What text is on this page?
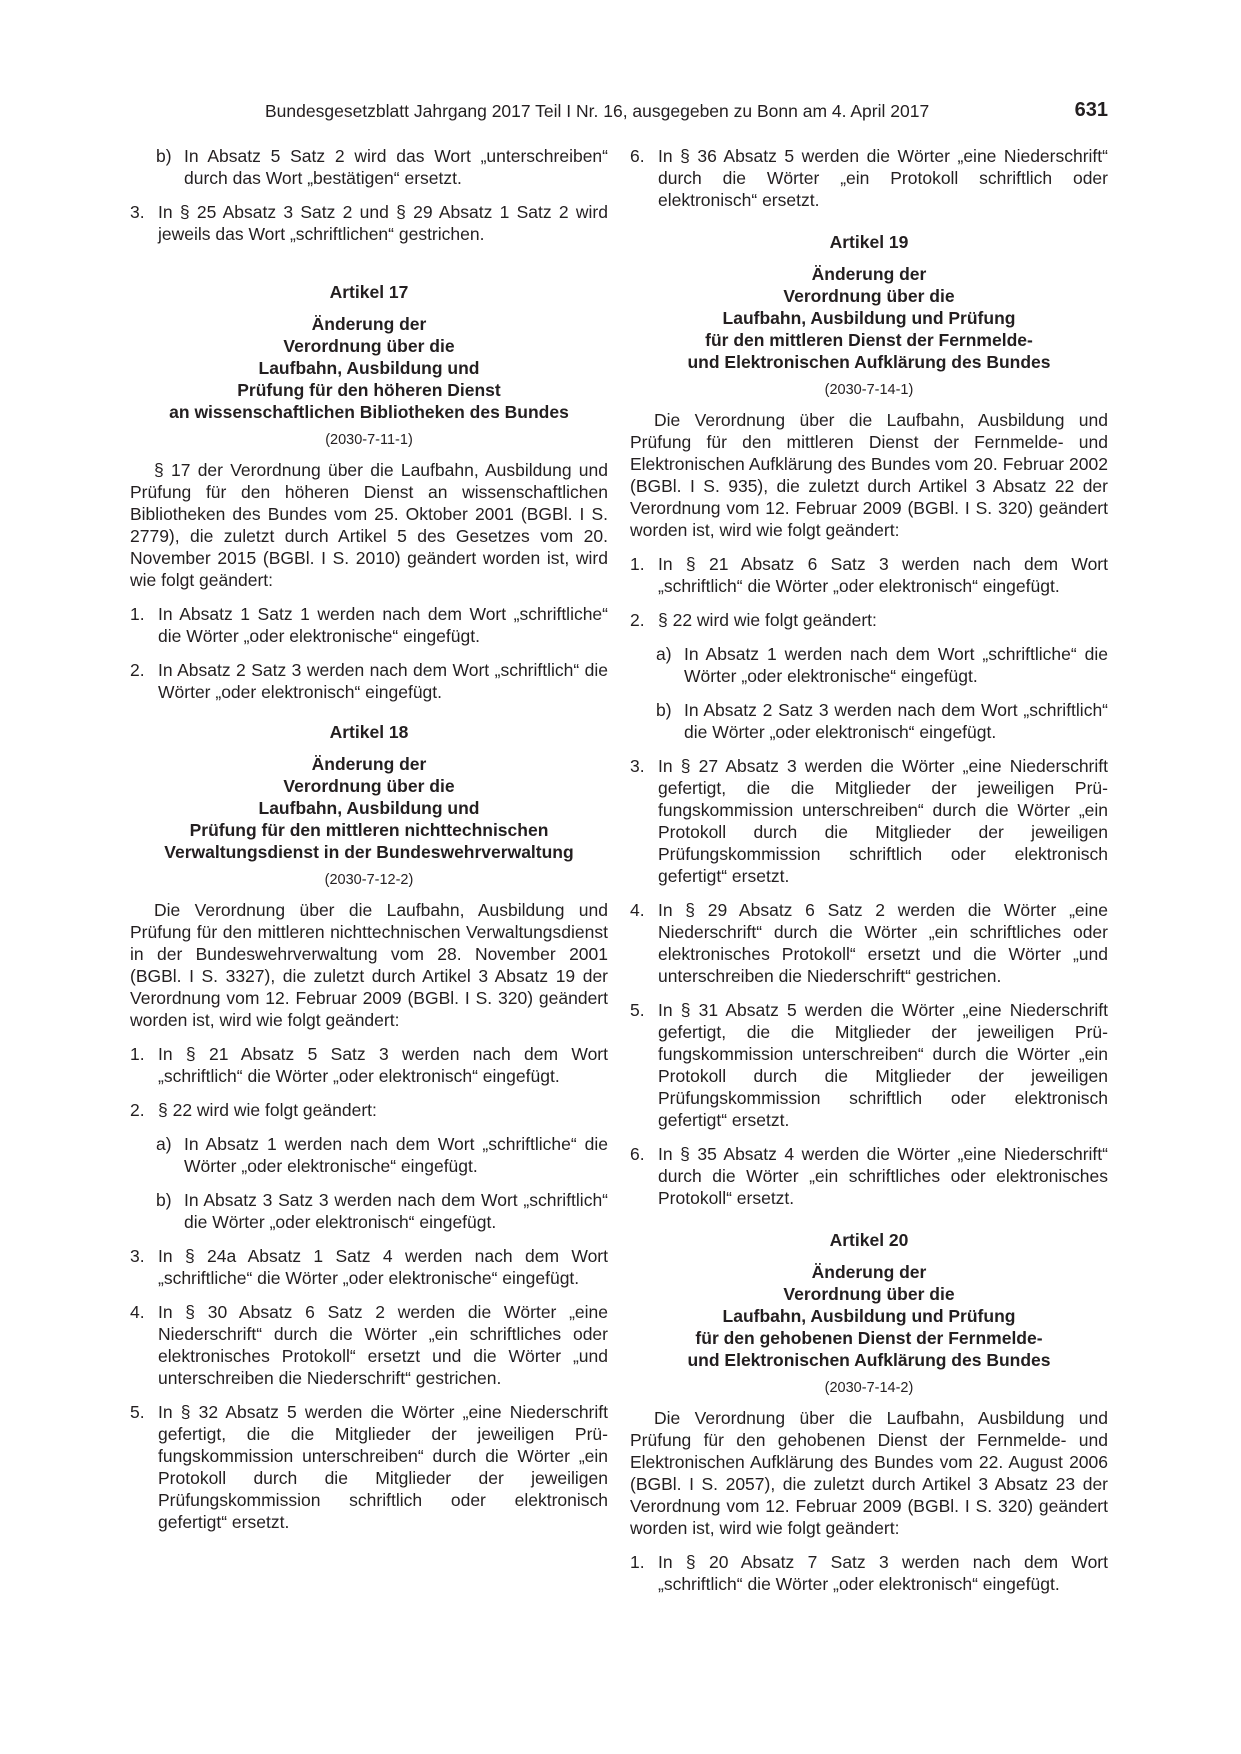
Bundesgesetzblatt Jahrgang 2017 Teil I Nr. 16, ausgegeben zu Bonn am 4. April 2017	631
b) In Absatz 5 Satz 2 wird das Wort „unterschreiben“ durch das Wort „bestätigen“ ersetzt.
3. In § 25 Absatz 3 Satz 2 und § 29 Absatz 1 Satz 2 wird jeweils das Wort „schriftlichen“ gestrichen.
Artikel 17
Änderung der
Verordnung über die
Laufbahn, Ausbildung und
Prüfung für den höheren Dienst
an wissenschaftlichen Bibliotheken des Bundes
(2030-7-11-1)

§ 17 der Verordnung über die Laufbahn, Ausbildung und Prüfung für den höheren Dienst an wissenschaftlichen Bibliotheken des Bundes vom 25. Oktober 2001 (BGBl. I S. 2779), die zuletzt durch Artikel 5 des Gesetzes vom 20. November 2015 (BGBl. I S. 2010) geändert worden ist, wird wie folgt geändert:

1. In Absatz 1 Satz 1 werden nach dem Wort „schriftliche“ die Wörter „oder elektronische“ eingefügt.
2. In Absatz 2 Satz 3 werden nach dem Wort „schriftlich“ die Wörter „oder elektronisch“ eingefügt.
Artikel 18
Änderung der
Verordnung über die
Laufbahn, Ausbildung und
Prüfung für den mittleren nichttechnischen
Verwaltungsdienst in der Bundeswehrverwaltung
(2030-7-12-2)

Die Verordnung über die Laufbahn, Ausbildung und Prüfung für den mittleren nichttechnischen Verwaltungsdienst in der Bundeswehrverwaltung vom 28. November 2001 (BGBl. I S. 3327), die zuletzt durch Artikel 3 Absatz 19 der Verordnung vom 12. Februar 2009 (BGBl. I S. 320) geändert worden ist, wird wie folgt geändert:

1. In § 21 Absatz 5 Satz 3 werden nach dem Wort „schriftlich“ die Wörter „oder elektronisch“ eingefügt.
2. § 22 wird wie folgt geändert:
a) In Absatz 1 werden nach dem Wort „schriftliche“ die Wörter „oder elektronische“ eingefügt.
b) In Absatz 3 Satz 3 werden nach dem Wort „schriftlich“ die Wörter „oder elektronisch“ eingefügt.
3. In § 24a Absatz 1 Satz 4 werden nach dem Wort „schriftliche“ die Wörter „oder elektronische“ eingefügt.
4. In § 30 Absatz 6 Satz 2 werden die Wörter „eine Niederschrift“ durch die Wörter „ein schriftliches oder elektronisches Protokoll“ ersetzt und die Wörter „und unterschreiben die Niederschrift“ gestrichen.
5. In § 32 Absatz 5 werden die Wörter „eine Niederschrift gefertigt, die die Mitglieder der jeweiligen Prüfungskommission unterschreiben“ durch die Wörter „ein Protokoll durch die Mitglieder der jeweiligen Prüfungskommission schriftlich oder elektronisch gefertigt“ ersetzt.
6. In § 36 Absatz 5 werden die Wörter „eine Niederschrift“ durch die Wörter „ein Protokoll schriftlich oder elektronisch“ ersetzt.
Artikel 19
Änderung der
Verordnung über die
Laufbahn, Ausbildung und Prüfung
für den mittleren Dienst der Fernmelde-
und Elektronischen Aufklärung des Bundes
(2030-7-14-1)

Die Verordnung über die Laufbahn, Ausbildung und Prüfung für den mittleren Dienst der Fernmelde- und Elektronischen Aufklärung des Bundes vom 20. Februar 2002 (BGBl. I S. 935), die zuletzt durch Artikel 3 Absatz 22 der Verordnung vom 12. Februar 2009 (BGBl. I S. 320) geändert worden ist, wird wie folgt geändert:

1. In § 21 Absatz 6 Satz 3 werden nach dem Wort „schriftlich“ die Wörter „oder elektronisch“ eingefügt.
2. § 22 wird wie folgt geändert:
a) In Absatz 1 werden nach dem Wort „schriftliche“ die Wörter „oder elektronische“ eingefügt.
b) In Absatz 2 Satz 3 werden nach dem Wort „schriftlich“ die Wörter „oder elektronisch“ eingefügt.
3. In § 27 Absatz 3 werden die Wörter „eine Niederschrift gefertigt, die die Mitglieder der jeweiligen Prüfungskommission unterschreiben“ durch die Wörter „ein Protokoll durch die Mitglieder der jeweiligen Prüfungskommission schriftlich oder elektronisch gefertigt“ ersetzt.
4. In § 29 Absatz 6 Satz 2 werden die Wörter „eine Niederschrift“ durch die Wörter „ein schriftliches oder elektronisches Protokoll“ ersetzt und die Wörter „und unterschreiben die Niederschrift“ gestrichen.
5. In § 31 Absatz 5 werden die Wörter „eine Niederschrift gefertigt, die die Mitglieder der jeweiligen Prüfungskommission unterschreiben“ durch die Wörter „ein Protokoll durch die Mitglieder der jeweiligen Prüfungskommission schriftlich oder elektronisch gefertigt“ ersetzt.
6. In § 35 Absatz 4 werden die Wörter „eine Niederschrift“ durch die Wörter „ein schriftliches oder elektronisches Protokoll“ ersetzt.
Artikel 20
Änderung der
Verordnung über die
Laufbahn, Ausbildung und Prüfung
für den gehobenen Dienst der Fernmelde-
und Elektronischen Aufklärung des Bundes
(2030-7-14-2)

Die Verordnung über die Laufbahn, Ausbildung und Prüfung für den gehobenen Dienst der Fernmelde- und Elektronischen Aufklärung des Bundes vom 22. August 2006 (BGBl. I S. 2057), die zuletzt durch Artikel 3 Absatz 23 der Verordnung vom 12. Februar 2009 (BGBl. I S. 320) geändert worden ist, wird wie folgt geändert:

1. In § 20 Absatz 7 Satz 3 werden nach dem Wort „schriftlich“ die Wörter „oder elektronisch“ eingefügt.
